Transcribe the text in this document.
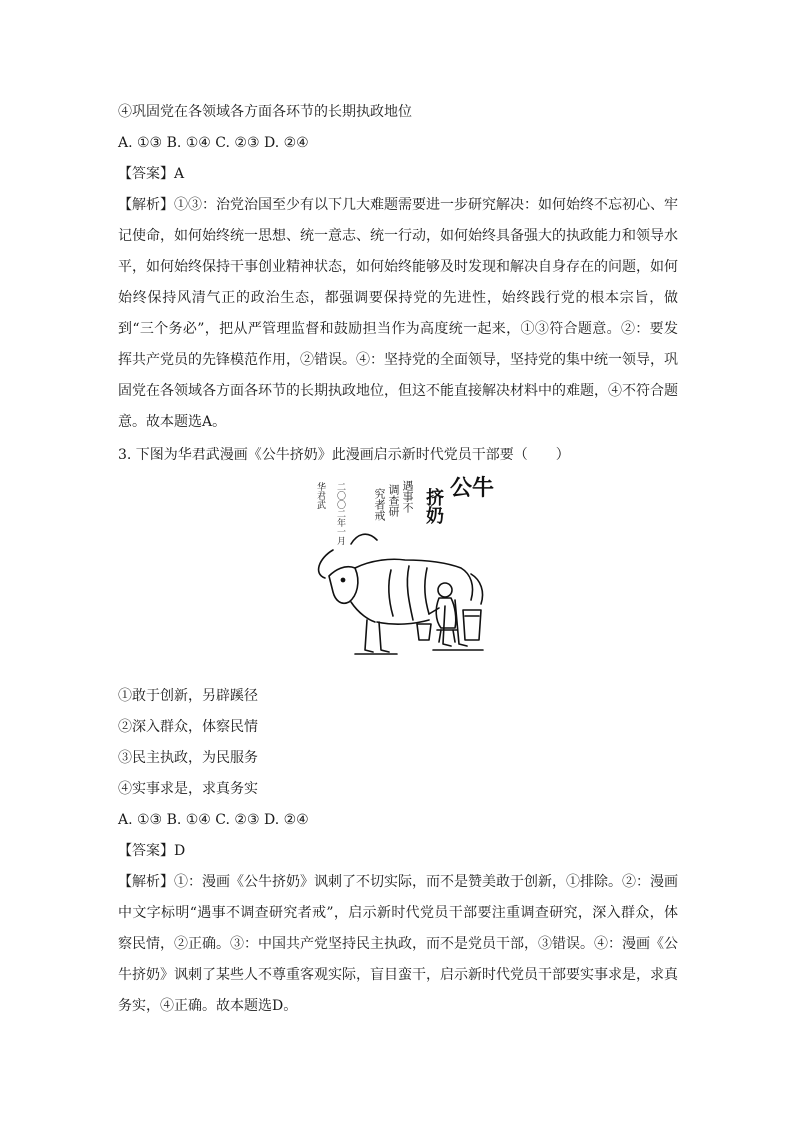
④巩固党在各领域各方面各环节的长期执政地位
A. ①③ B. ①④ C. ②③ D. ②④
【答案】A
【解析】①③：治党治国至少有以下几大难题需要进一步研究解决：如何始终不忘初心、牢记使命，如何始终统一思想、统一意志、统一行动，如何始终具备强大的执政能力和领导水平，如何始终保持干事创业精神状态，如何始终能够及时发现和解决自身存在的问题，如何始终保持风清气正的政治生态，都强调要保持党的先进性，始终践行党的根本宗旨，做到“三个务必”，把从严管理监督和鼓励担当作为高度统一起来，①③符合题意。②：要发挥共产党员的先锋模范作用，②错误。④：坚持党的全面领导，坚持党的集中统一领导，巩固党在各领域各方面各环节的长期执政地位，但这不能直接解决材料中的难题，④不符合题意。故本题选A。
3. 下图为华君武漫画《公牛挤奶》此漫画启示新时代党员干部要（　　）
公牛
挤奶
遇事不
调查研
究者戒
二〇〇二年一月
华君武
①敢于创新，另辟蹊径
②深入群众，体察民情
③民主执政，为民服务
④实事求是，求真务实
A. ①③ B. ①④ C. ②③ D. ②④
【答案】D
【解析】①：漫画《公牛挤奶》讽刺了不切实际，而不是赞美敢于创新，①排除。②：漫画中文字标明“遇事不调查研究者戒”，启示新时代党员干部要注重调查研究，深入群众，体察民情，②正确。③：中国共产党坚持民主执政，而不是党员干部，③错误。④：漫画《公牛挤奶》讽刺了某些人不尊重客观实际，盲目蛮干，启示新时代党员干部要实事求是，求真务实，④正确。故本题选D。
